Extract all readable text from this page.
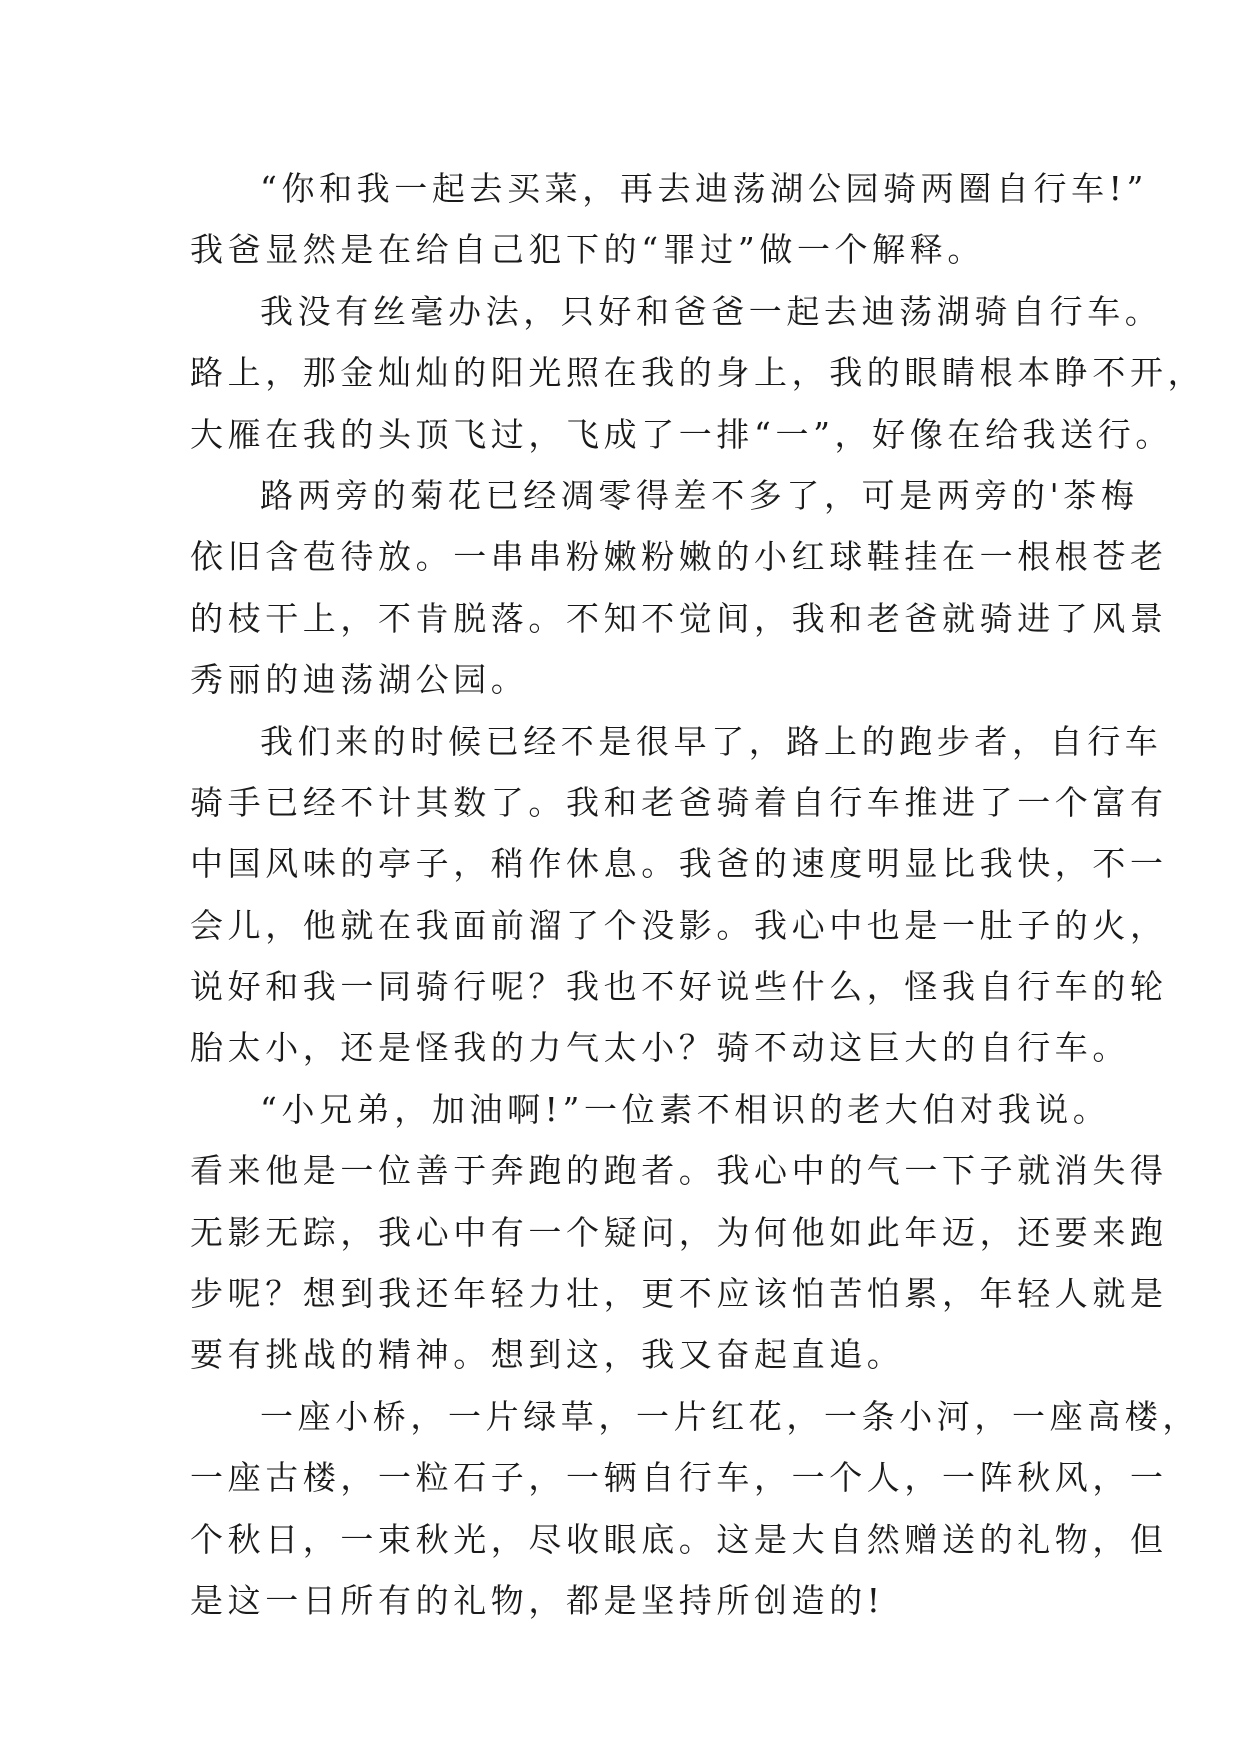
“你和我一起去买菜，再去迪荡湖公园骑两圈自行车!”
我爸显然是在给自己犯下的“罪过”做一个解释。
我没有丝毫办法，只好和爸爸一起去迪荡湖骑自行车。
路上，那金灿灿的阳光照在我的身上，我的眼睛根本睁不开，
大雁在我的头顶飞过，飞成了一排“一”，好像在给我送行。
路两旁的菊花已经凋零得差不多了，可是两旁的'茶梅
依旧含苞待放。一串串粉嫩粉嫩的小红球鞋挂在一根根苍老
的枝干上，不肯脱落。不知不觉间，我和老爸就骑进了风景
秀丽的迪荡湖公园。
我们来的时候已经不是很早了，路上的跑步者，自行车
骑手已经不计其数了。我和老爸骑着自行车推进了一个富有
中国风味的亭子，稍作休息。我爸的速度明显比我快，不一
会儿，他就在我面前溜了个没影。我心中也是一肚子的火，
说好和我一同骑行呢？我也不好说些什么，怪我自行车的轮
胎太小，还是怪我的力气太小？骑不动这巨大的自行车。
“小兄弟，加油啊!”一位素不相识的老大伯对我说。
看来他是一位善于奔跑的跑者。我心中的气一下子就消失得
无影无踪，我心中有一个疑问，为何他如此年迈，还要来跑
步呢？想到我还年轻力壮，更不应该怕苦怕累，年轻人就是
要有挑战的精神。想到这，我又奋起直追。
一座小桥，一片绿草，一片红花，一条小河，一座高楼，
一座古楼，一粒石子，一辆自行车，一个人，一阵秋风，一
个秋日，一束秋光，尽收眼底。这是大自然赠送的礼物，但
是这一日所有的礼物，都是坚持所创造的!
